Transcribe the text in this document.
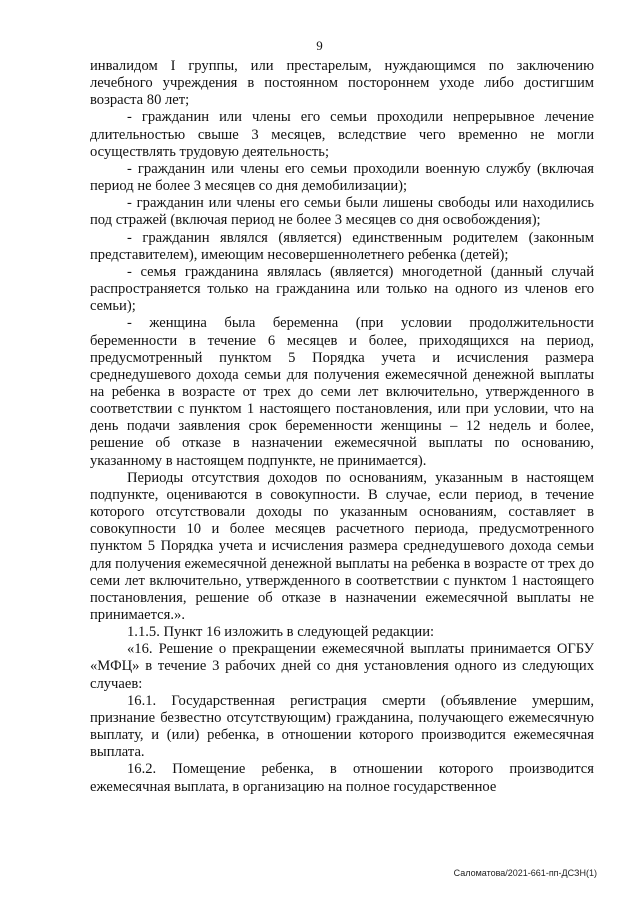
9

инвалидом I группы, или престарелым, нуждающимся по заключению лечебного учреждения в постоянном постороннем уходе либо достигшим возраста 80 лет;

- гражданин или члены его семьи проходили непрерывное лечение длительностью свыше 3 месяцев, вследствие чего временно не могли осуществлять трудовую деятельность;

- гражданин или члены его семьи проходили военную службу (включая период не более 3 месяцев со дня демобилизации);

- гражданин или члены его семьи были лишены свободы или находились под стражей (включая период не более 3 месяцев со дня освобождения);

- гражданин являлся (является) единственным родителем (законным представителем), имеющим несовершеннолетнего ребенка (детей);

- семья гражданина являлась (является) многодетной (данный случай распространяется только на гражданина или только на одного из членов его семьи);

- женщина была беременна (при условии продолжительности беременности в течение 6 месяцев и более, приходящихся на период, предусмотренный пунктом 5 Порядка учета и исчисления размера среднедушевого дохода семьи для получения ежемесячной денежной выплаты на ребенка в возрасте от трех до семи лет включительно, утвержденного в соответствии с пунктом 1 настоящего постановления, или при условии, что на день подачи заявления срок беременности женщины – 12 недель и более, решение об отказе в назначении ежемесячной выплаты по основанию, указанному в настоящем подпункте, не принимается).

Периоды отсутствия доходов по основаниям, указанным в настоящем подпункте, оцениваются в совокупности. В случае, если период, в течение которого отсутствовали доходы по указанным основаниям, составляет в совокупности 10 и более месяцев расчетного периода, предусмотренного пунктом 5 Порядка учета и исчисления размера среднедушевого дохода семьи для получения ежемесячной денежной выплаты на ребенка в возрасте от трех до семи лет включительно, утвержденного в соответствии с пунктом 1 настоящего постановления, решение об отказе в назначении ежемесячной выплаты не принимается.».

1.1.5. Пункт 16 изложить в следующей редакции:

«16. Решение о прекращении ежемесячной выплаты принимается ОГБУ «МФЦ» в течение 3 рабочих дней со дня установления одного из следующих случаев:

16.1. Государственная регистрация смерти (объявление умершим, признание безвестно отсутствующим) гражданина, получающего ежемесячную выплату, и (или) ребенка, в отношении которого производится ежемесячная выплата.

16.2. Помещение ребенка, в отношении которого производится ежемесячная выплата, в организацию на полное государственное

Саломатова/2021-661-пп-ДСЗН(1)
